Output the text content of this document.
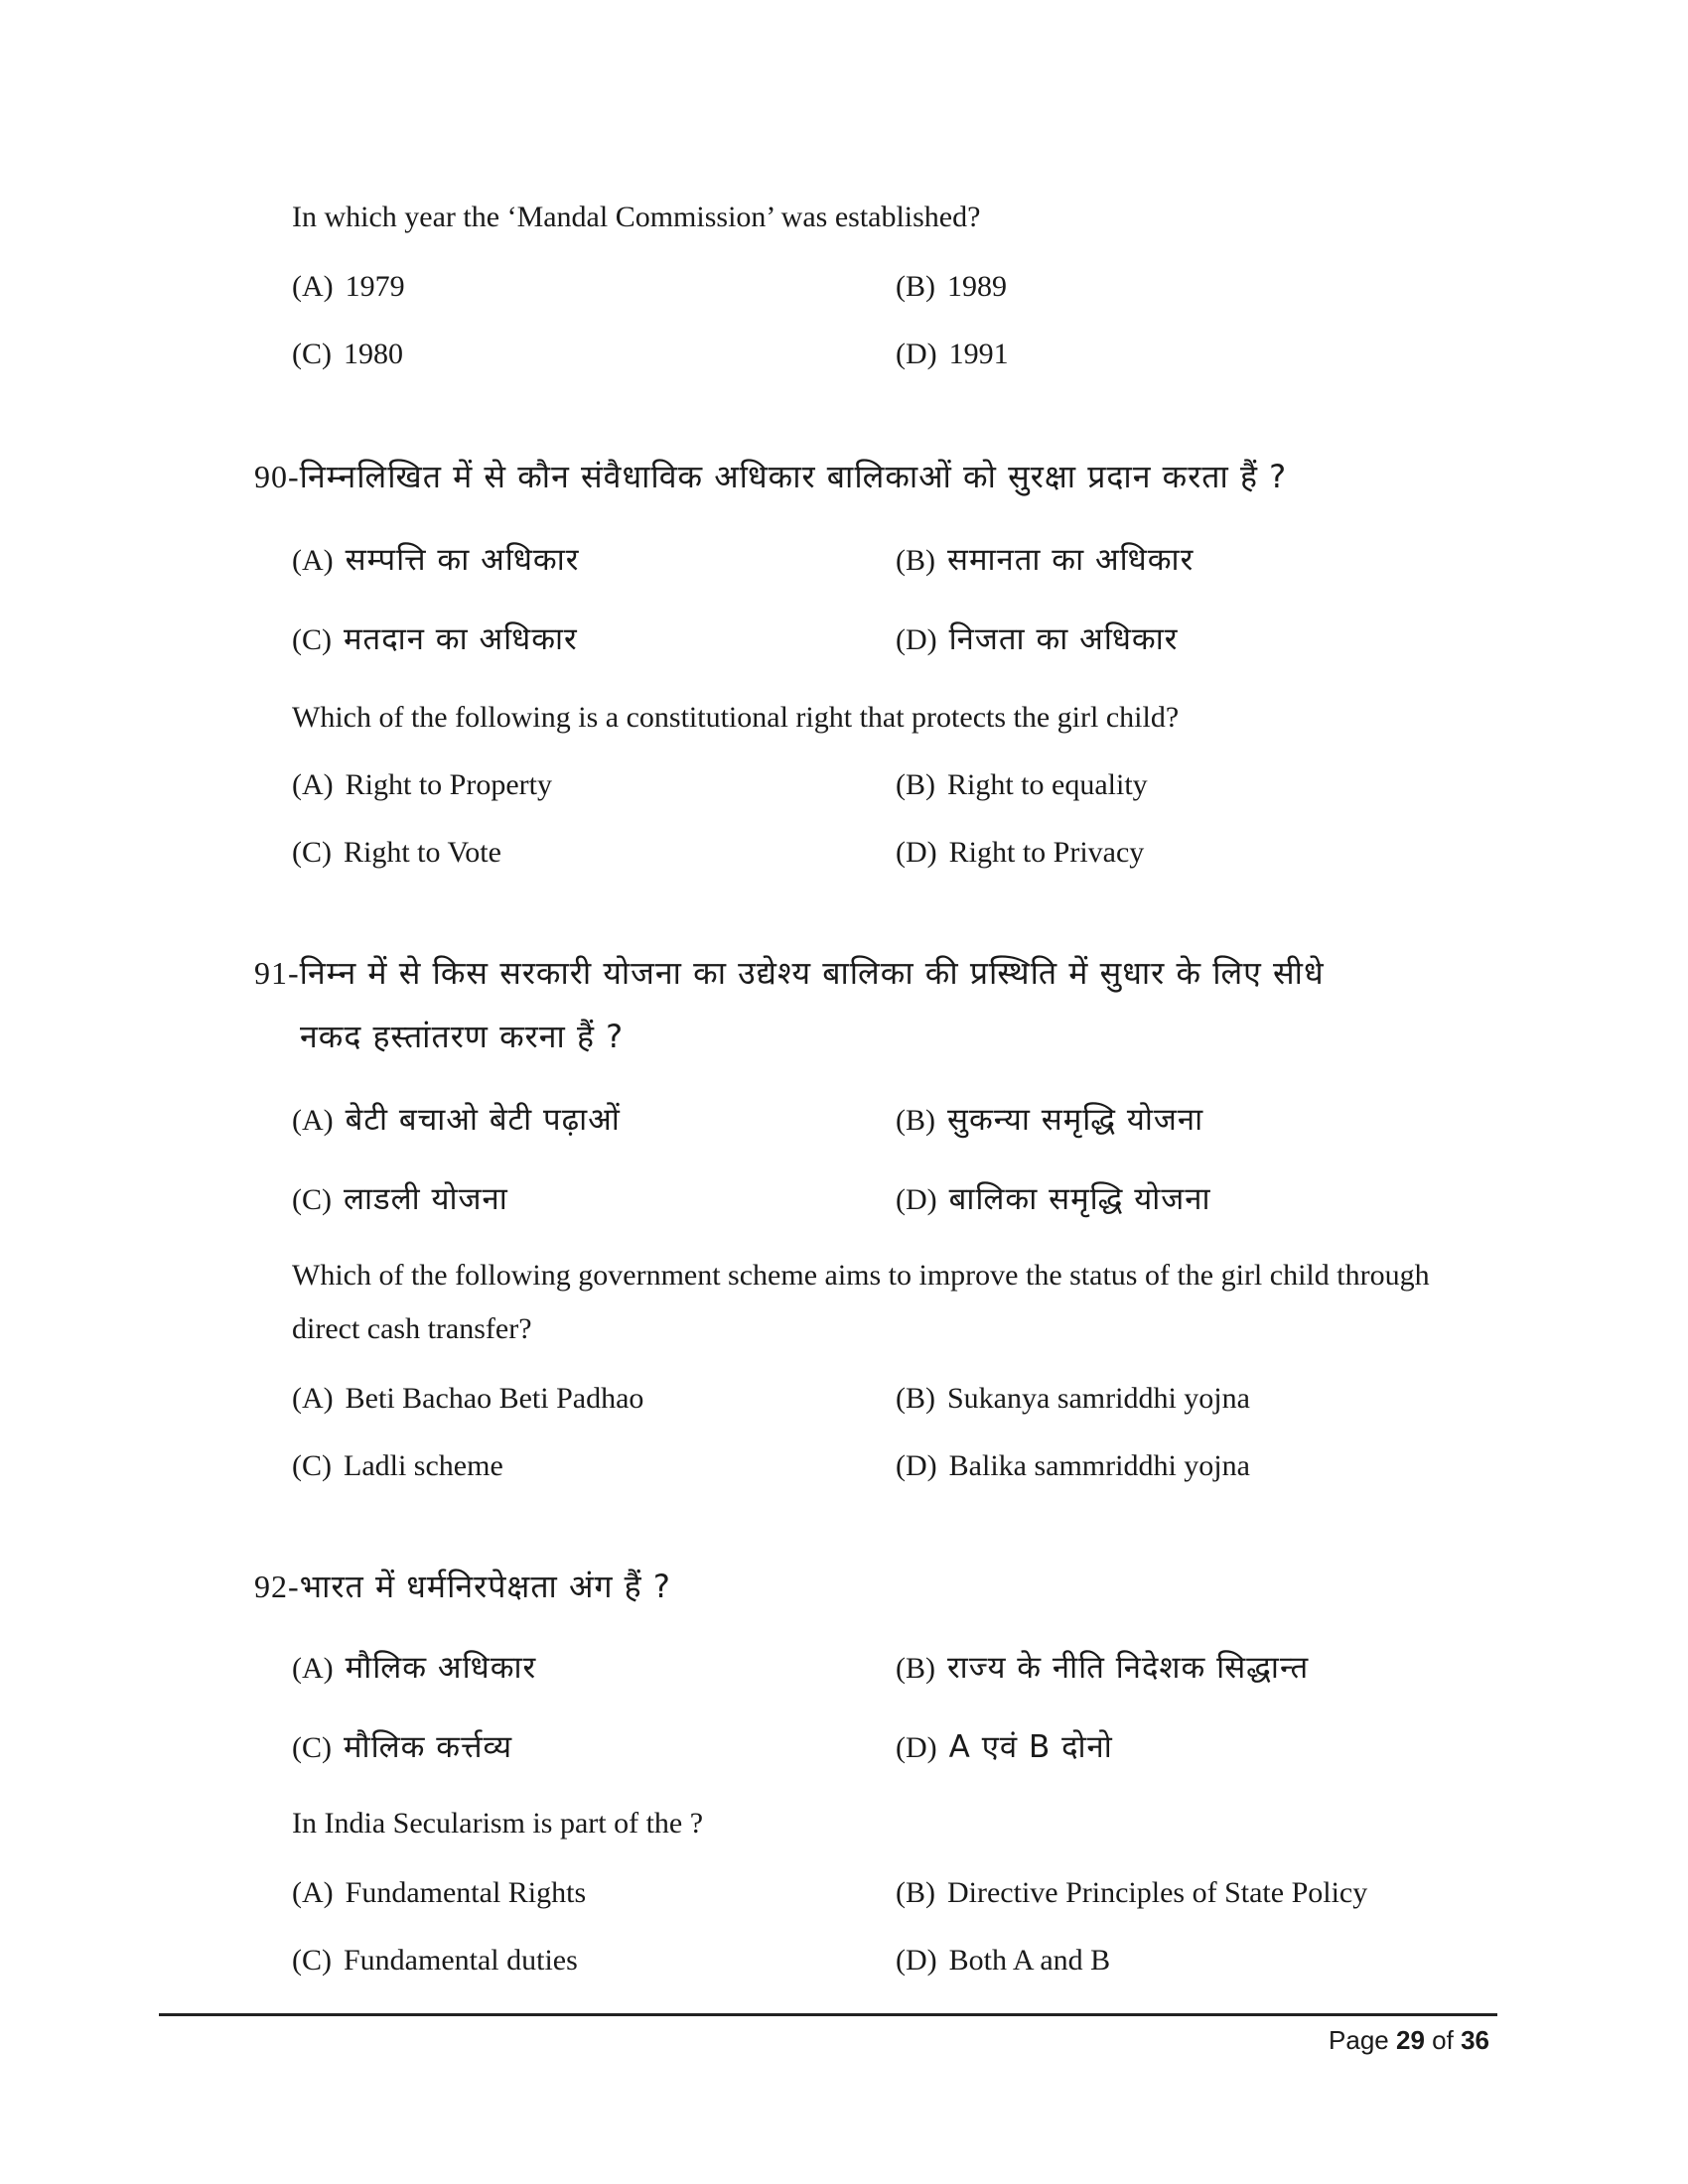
In which year the ‘Mandal Commission’ was established?
(A) 1979	(B) 1989
(C) 1980	(D) 1991
90-निम्नलिखित में से कौन संवैधाविक अधिकार बालिकाओं को सुरक्षा प्रदान करता हैं ?
(A) सम्पत्ति का अधिकार	(B) समानता का अधिकार
(C) मतदान का अधिकार	(D) निजता का अधिकार
Which of the following is a constitutional right that protects the girl child?
(A) Right to Property	(B) Right to equality
(C) Right to Vote	(D) Right to Privacy
91-निम्न में से किस सरकारी योजना का उद्येश्य बालिका की प्रस्थिति में सुधार के लिए सीधे
नकद हस्तांतरण करना हैं ?
(A) बेटी बचाओ बेटी पढ़ाओं	(B) सुकन्या समृद्धि योजना
(C) लाडली योजना	(D) बालिका समृद्धि योजना
Which of the following government scheme aims to improve the status of the girl child through
direct cash transfer?
(A) Beti Bachao Beti Padhao	(B) Sukanya samriddhi yojna
(C) Ladli scheme	(D) Balika sammriddhi yojna
92-भारत में धर्मनिरपेक्षता अंग हैं ?
(A) मौलिक अधिकार	(B) राज्य के नीति निदेशक सिद्धान्त
(C) मौलिक कर्त्तव्य	(D) A एवं B दोनो
In India Secularism is part of the ?
(A) Fundamental Rights	(B) Directive Principles of State Policy
(C) Fundamental duties	(D) Both A and B
Page 29 of 36
